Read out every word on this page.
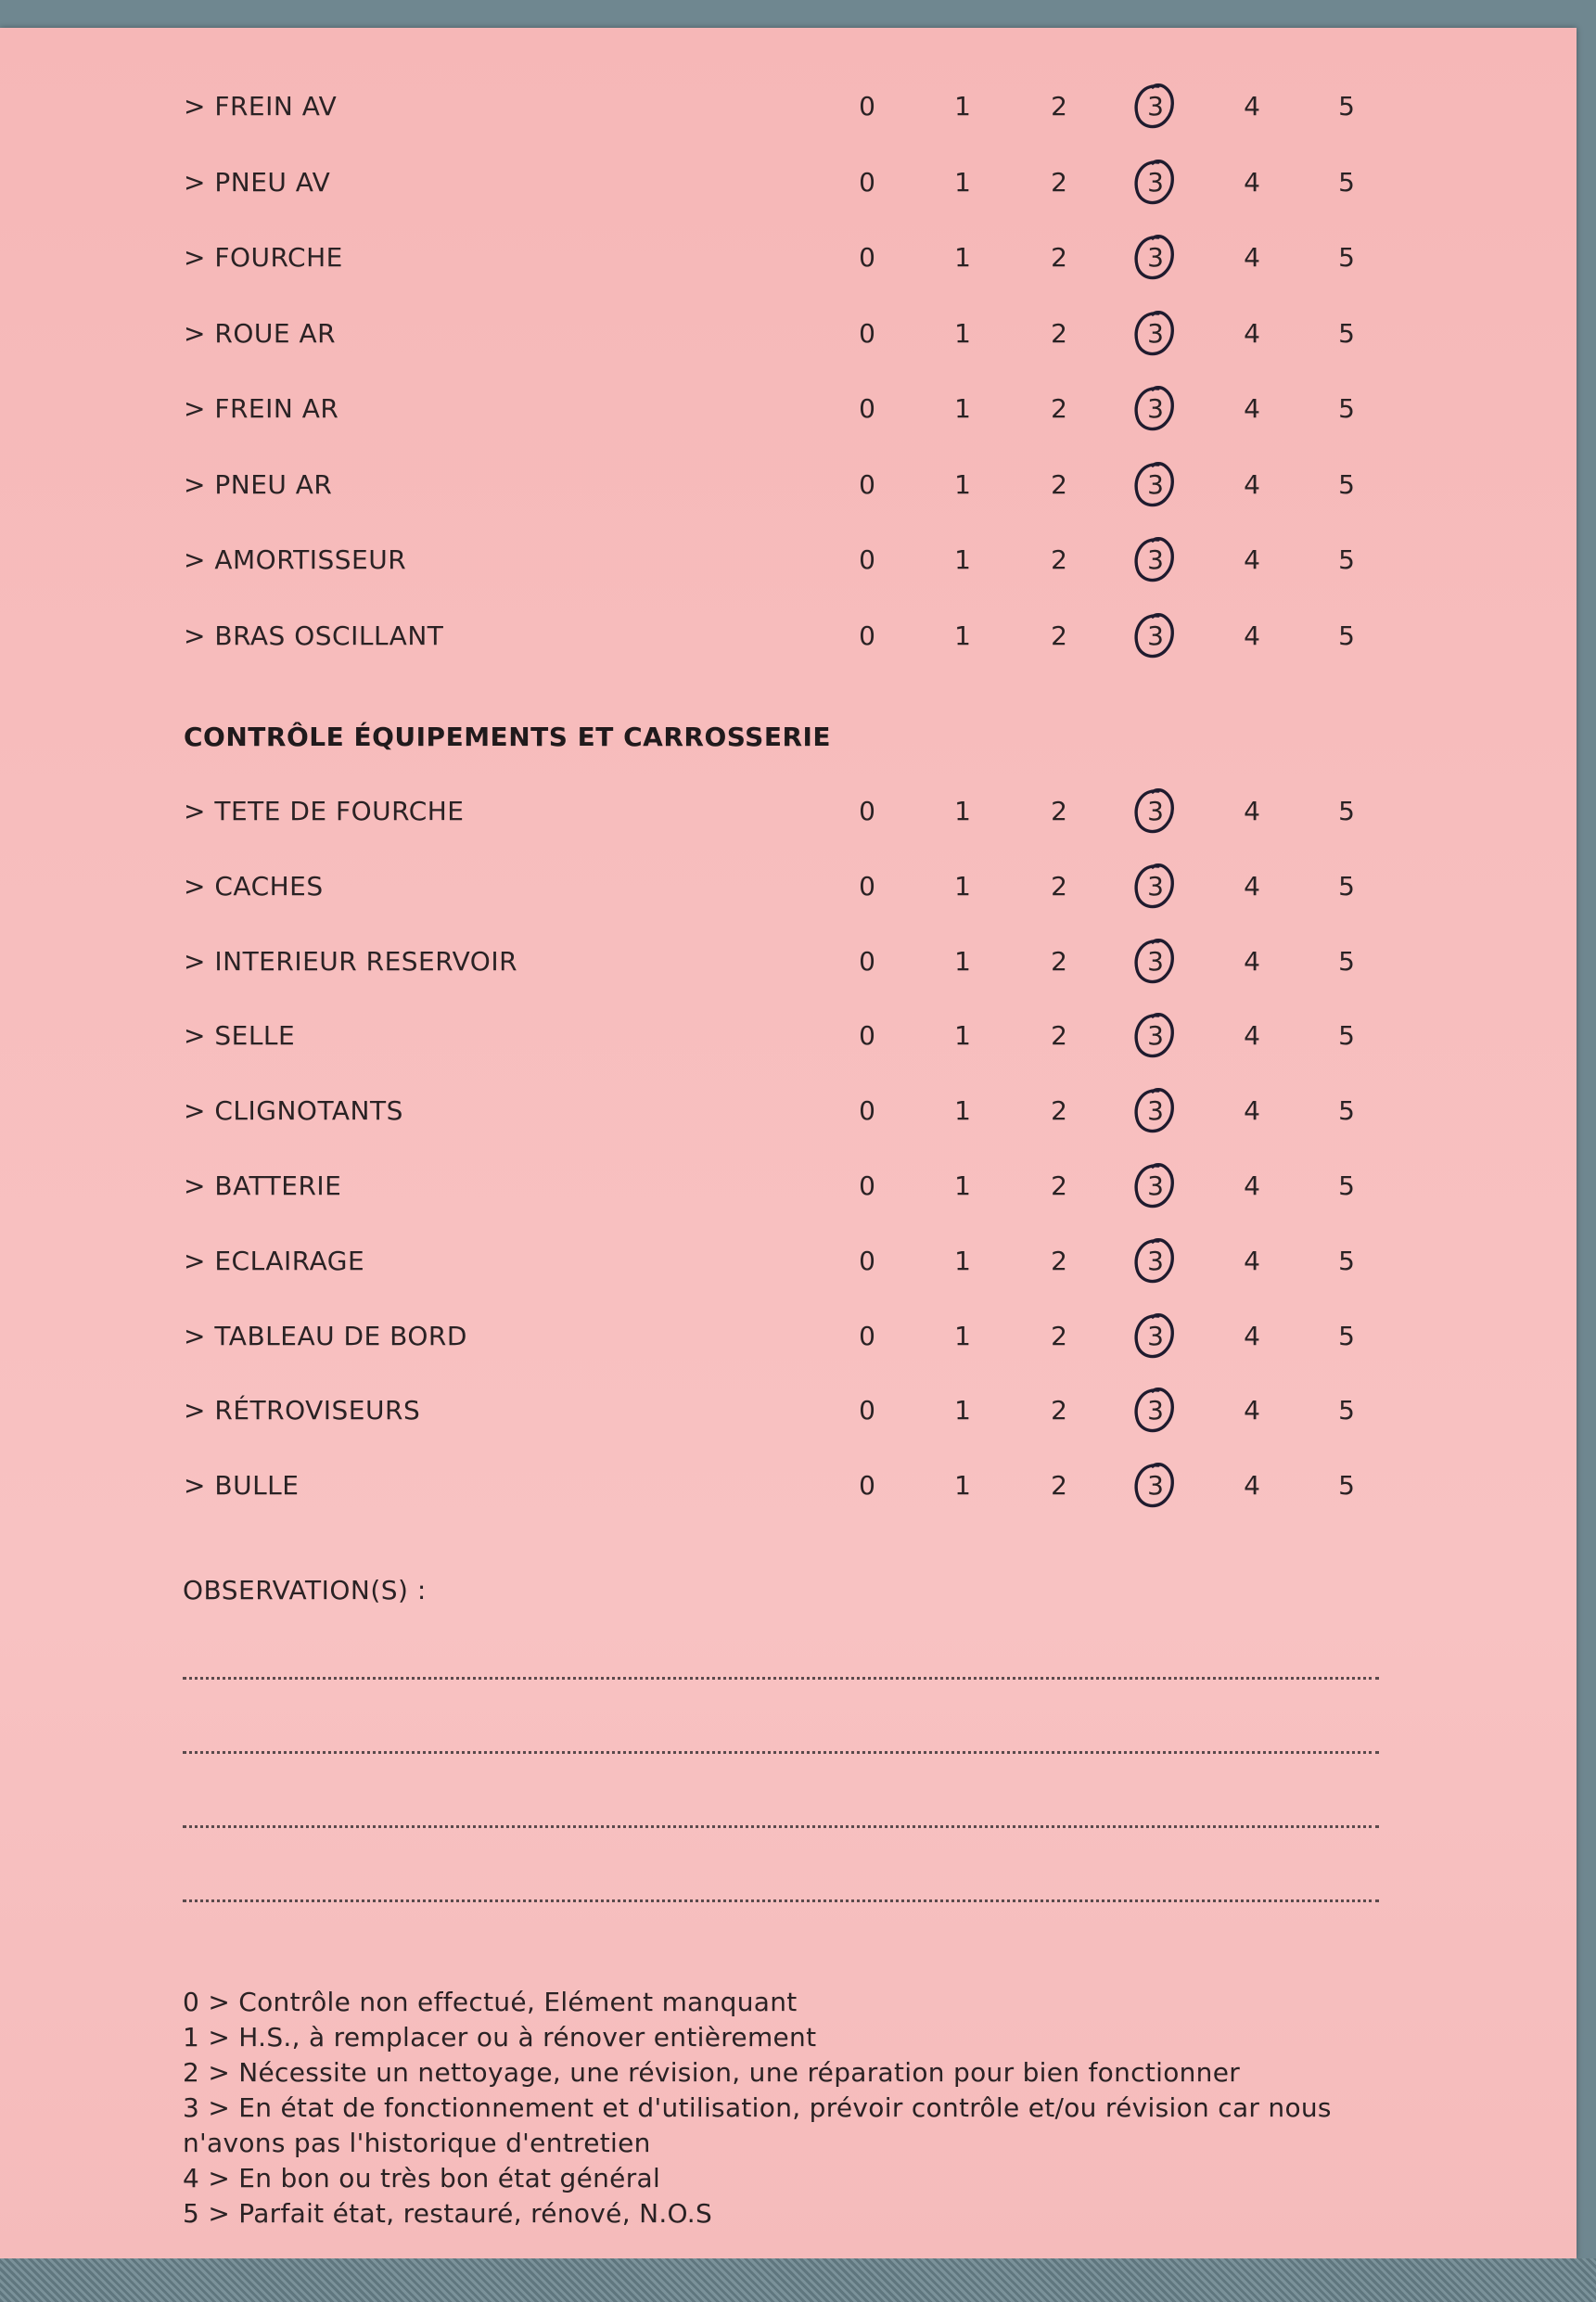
> FREIN AV	0	1	2	3	4	5
> PNEU AV	0	1	2	3	4	5
> FOURCHE	0	1	2	3	4	5
> ROUE AR	0	1	2	3	4	5
> FREIN AR	0	1	2	3	4	5
> PNEU AR	0	1	2	3	4	5
> AMORTISSEUR	0	1	2	3	4	5
> BRAS OSCILLANT	0	1	2	3	4	5
> TETE DE FOURCHE	0	1	2	3	4	5
> CACHES	0	1	2	3	4	5
> INTERIEUR RESERVOIR	0	1	2	3	4	5
> SELLE	0	1	2	3	4	5
> CLIGNOTANTS	0	1	2	3	4	5
> BATTERIE	0	1	2	3	4	5
> ECLAIRAGE	0	1	2	3	4	5
> TABLEAU DE BORD	0	1	2	3	4	5
> RÉTROVISEURS	0	1	2	3	4	5
> BULLE	0	1	2	3	4	5
CONTRÔLE ÉQUIPEMENTS ET CARROSSERIE
OBSERVATION(S) :

0 > Contrôle non effectué, Elément manquant

1 > H.S., à remplacer ou à rénover entièrement

2 > Nécessite un nettoyage, une révision, une réparation pour bien fonctionner

3 > En état de fonctionnement et d'utilisation, prévoir contrôle et/ou révision car nous n'avons pas l'historique d'entretien

4 > En bon ou très bon état général

5 > Parfait état, restauré, rénové, N.O.S
